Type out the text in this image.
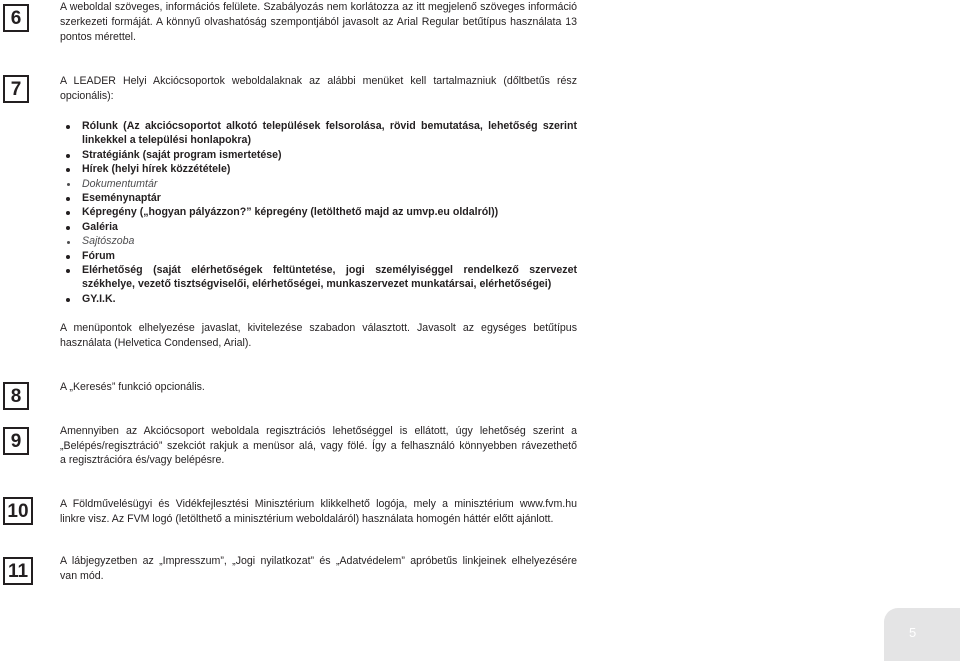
6
A weboldal szöveges, információs felülete. Szabályozás nem korlátozza az itt megjelenő szöveges információ
szerkezeti formáját. A könnyű olvashatóság szempontjából javasolt az Arial Regular betűtípus használata 13
pontos mérettel.
7	A LEADER Helyi Akciócsoportok weboldalaknak az alábbi menüket kell tartalmazniuk (dőltbetűs rész
opcionális):
Rólunk (Az akciócsoportot alkotó települések felsorolása, rövid bemutatása, lehetőség szerint
linkekkel a települési honlapokra)
Stratégiánk (saját program ismertetése)
Hírek (helyi hírek közzététele)
Dokumentumtár
Eseménynaptár
Képregény („hogyan pályázzon?” képregény (letölthető majd az umvp.eu oldalról))
Galéria
Sajtószoba
Fórum
Elérhetőség (saját elérhetőségek feltüntetése, jogi személyiséggel rendelkező szervezet
székhelye, vezető tisztségviselői, elérhetőségei, munkaszervezet munkatársai, elérhetőségei)
GY.I.K.
A menüpontok elhelyezése javaslat, kivitelezése szabadon választott. Javasolt az egységes betűtípus
használata (Helvetica Condensed, Arial).
8	A „Keresés” funkció opcionális.
9	Amennyiben az Akciócsoport weboldala regisztrációs lehetőséggel is ellátott, úgy lehetőség szerint a
„Belépés/regisztráció” szekciót rakjuk a menüsor alá, vagy fölé. Így a felhasználó könnyebben rávezethető
a regisztrációra és/vagy belépésre.
10	A Földművelésügyi és Vidékfejlesztési Minisztérium klikkelhető logója, mely a minisztérium www.fvm.hu
linkre visz. Az FVM logó (letölthető a minisztérium weboldaláról) használata homogén háttér előtt ajánlott.
11	A lábjegyzetben az „Impresszum”, „Jogi nyilatkozat” és „Adatvédelem” apróbetűs linkjeinek elhelyezésére
van mód.
5
